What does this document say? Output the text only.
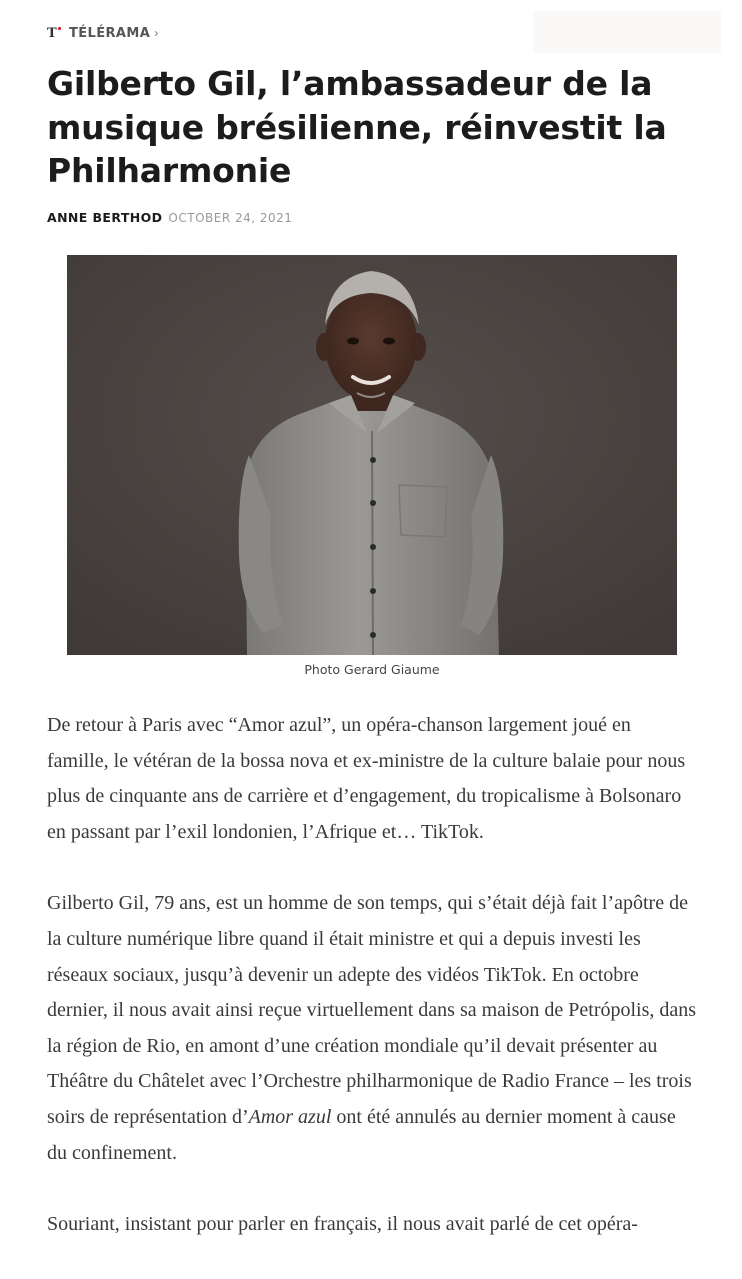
T TÉLÉRAMA ›
Gilberto Gil, l’ambassadeur de la musique brésilienne, réinvestit la Philharmonie
ANNE BERTHOD OCTOBER 24, 2021
Photo Gerard Giaume

De retour à Paris avec “Amor azul”, un opéra-chanson largement joué en famille, le vétéran de la bossa nova et ex-ministre de la culture balaie pour nous plus de cinquante ans de carrière et d’engagement, du tropicalisme à Bolsonaro en passant par l’exil londonien, l’Afrique et… TikTok.

Gilberto Gil, 79 ans, est un homme de son temps, qui s’était déjà fait l’apôtre de la culture numérique libre quand il était ministre et qui a depuis investi les réseaux sociaux, jusqu’à devenir un adepte des vidéos TikTok. En octobre dernier, il nous avait ainsi reçue virtuellement dans sa maison de Petrópolis, dans la région de Rio, en amont d’une création mondiale qu’il devait présenter au Théâtre du Châtelet avec l’Orchestre philharmonique de Radio France – les trois soirs de représentation d’Amor azul ont été annulés au dernier moment à cause du confinement.

Souriant, insistant pour parler en français, il nous avait parlé de cet opéra-
